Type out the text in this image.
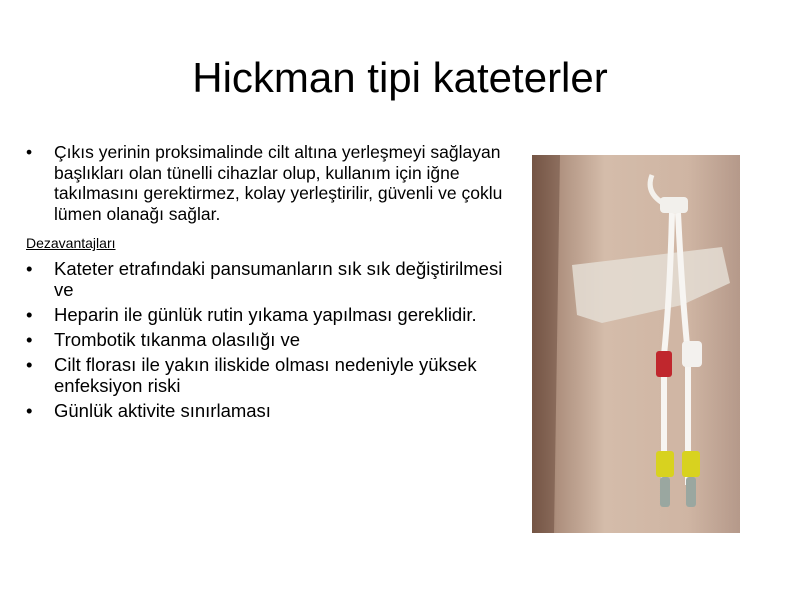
Hickman tipi kateterler
• Çıkıs yerinin proksimalinde cilt altına yerleşmeyi sağlayan başlıkları olan tünelli cihazlar olup, kullanım için iğne takılmasını gerektirmez, kolay yerleştirilir, güvenli ve çoklu lümen olanağı sağlar.
Dezavantajları
• Kateter etrafındaki pansumanların sık sık değiştirilmesi ve
• Heparin ile günlük rutin yıkama yapılması gereklidir.
• Trombotik tıkanma olasılığı ve
• Cilt florası ile yakın iliskide olması nedeniyle yüksek enfeksiyon riski
• Günlük aktivite sınırlaması
